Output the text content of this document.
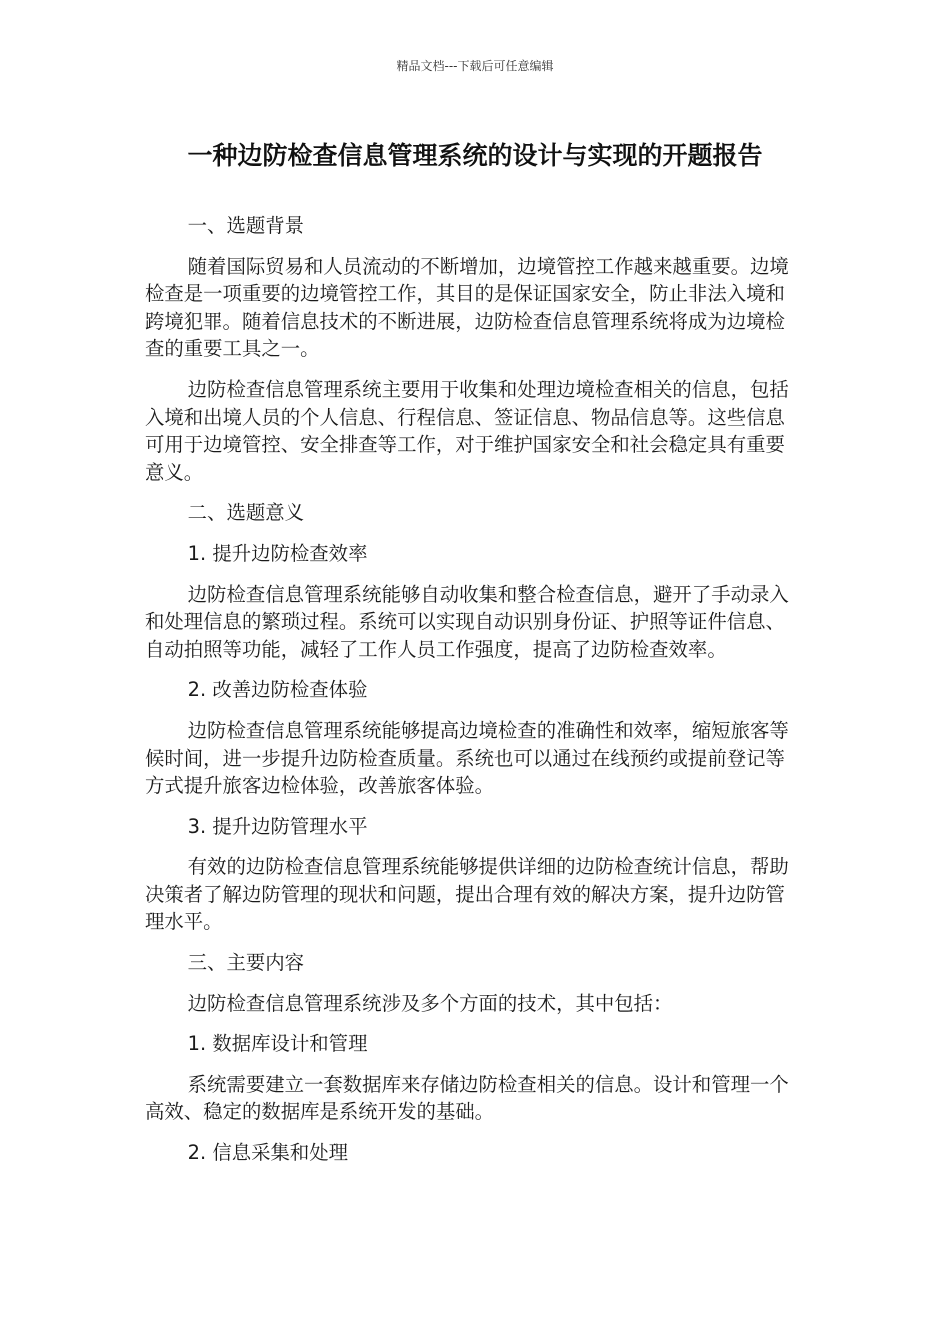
精品文档---下载后可任意编辑
一种边防检查信息管理系统的设计与实现的开题报告

一、选题背景

随着国际贸易和人员流动的不断增加，边境管控工作越来越重要。边境检查是一项重要的边境管控工作，其目的是保证国家安全，防止非法入境和跨境犯罪。随着信息技术的不断进展，边防检查信息管理系统将成为边境检查的重要工具之一。

边防检查信息管理系统主要用于收集和处理边境检查相关的信息，包括入境和出境人员的个人信息、行程信息、签证信息、物品信息等。这些信息可用于边境管控、安全排查等工作，对于维护国家安全和社会稳定具有重要意义。

二、选题意义

1. 提升边防检查效率

边防检查信息管理系统能够自动收集和整合检查信息，避开了手动录入和处理信息的繁琐过程。系统可以实现自动识别身份证、护照等证件信息、自动拍照等功能，减轻了工作人员工作强度，提高了边防检查效率。

2. 改善边防检查体验

边防检查信息管理系统能够提高边境检查的准确性和效率，缩短旅客等候时间，进一步提升边防检查质量。系统也可以通过在线预约或提前登记等方式提升旅客边检体验，改善旅客体验。

3. 提升边防管理水平

有效的边防检查信息管理系统能够提供详细的边防检查统计信息，帮助决策者了解边防管理的现状和问题，提出合理有效的解决方案，提升边防管理水平。

三、主要内容

边防检查信息管理系统涉及多个方面的技术，其中包括：

1. 数据库设计和管理

系统需要建立一套数据库来存储边防检查相关的信息。设计和管理一个高效、稳定的数据库是系统开发的基础。

2. 信息采集和处理
